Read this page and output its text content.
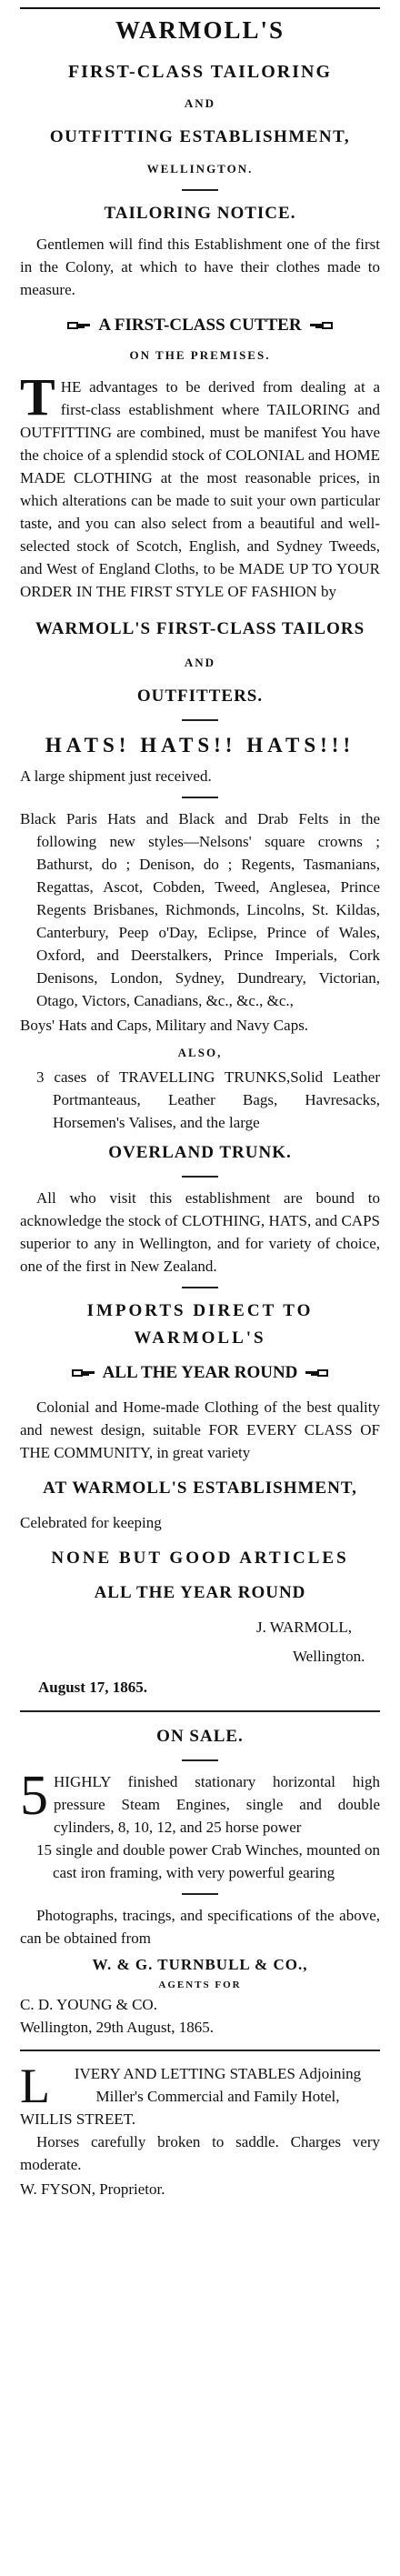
WARMOLL'S
FIRST-CLASS TAILORING
AND
OUTFITTING ESTABLISHMENT,
WELLINGTON.
TAILORING NOTICE.

Gentlemen will find this Establishment one of the first in the Colony, at which to have their clothes made to measure.

A FIRST-CLASS CUTTER
ON THE PREMISES.
T HE advantages to be derived from dealing at a first-class establishment where TAILORING and OUTFITTING are combined, must be manifest You have the choice of a splendid stock of COLONIAL and HOME MADE CLOTHING at the most reasonable prices, in which alterations can be made to suit your own particular taste, and you can also select from a beautiful and well-selected stock of Scotch, English, and Sydney Tweeds, and West of England Cloths, to be MADE UP TO YOUR ORDER IN THE FIRST STYLE OF FASHION by

WARMOLL'S FIRST-CLASS TAILORS
AND
OUTFITTERS.
HATS! HATS!! HATS!!!

A large shipment just received.

Black Paris Hats and Black and Drab Felts in the following new styles—Nelsons' square crowns ; Bathurst, do ; Denison, do ; Regents, Tasmanians, Regattas, Ascot, Cobden, Tweed, Anglesea, Prince Regents Brisbanes, Richmonds, Lincolns, St. Kildas, Canterbury, Peep o'Day, Eclipse, Prince of Wales, Oxford, and Deerstalkers, Prince Imperials, Cork Denisons, London, Sydney, Dundreary, Victorian, Otago, Victors, Canadians, &c., &c., &c.,

Boys' Hats and Caps, Military and Navy Caps.

ALSO,

3 cases of TRAVELLING TRUNKS,Solid Leather Portmanteaus, Leather Bags, Havresacks, Horsemen's Valises, and the large

OVERLAND TRUNK.

All who visit this establishment are bound to acknowledge the stock of CLOTHING, HATS, and CAPS superior to any in Wellington, and for variety of choice, one of the first in New Zealand.

IMPORTS DIRECT TO WARMOLL'S
ALL THE YEAR ROUND

Colonial and Home-made Clothing of the best quality and newest design, suitable FOR EVERY CLASS OF THE COMMUNITY, in great variety

AT WARMOLL'S ESTABLISHMENT,

Celebrated for keeping

NONE BUT GOOD ARTICLES
ALL THE YEAR ROUND
J. WARMOLL,
Wellington.
August 17, 1865.
ON SALE.
5 HIGHLY finished stationary horizontal high pressure Steam Engines, single and double cylinders, 8, 10, 12, and 25 horse power

15 single and double power Crab Winches, mounted on cast iron framing, with very powerful gearing

Photographs, tracings, and specifications of the above, can be obtained from

W. & G. TURNBULL & CO.,
AGENTS FOR

C. D. YOUNG & CO.

Wellington, 29th August, 1865.

L	IVERY AND LETTING STABLES Adjoining Miller's Commercial and Family Hotel,

WILLIS STREET.

Horses carefully broken to saddle. Charges very moderate.

W. FYSON, Proprietor.
